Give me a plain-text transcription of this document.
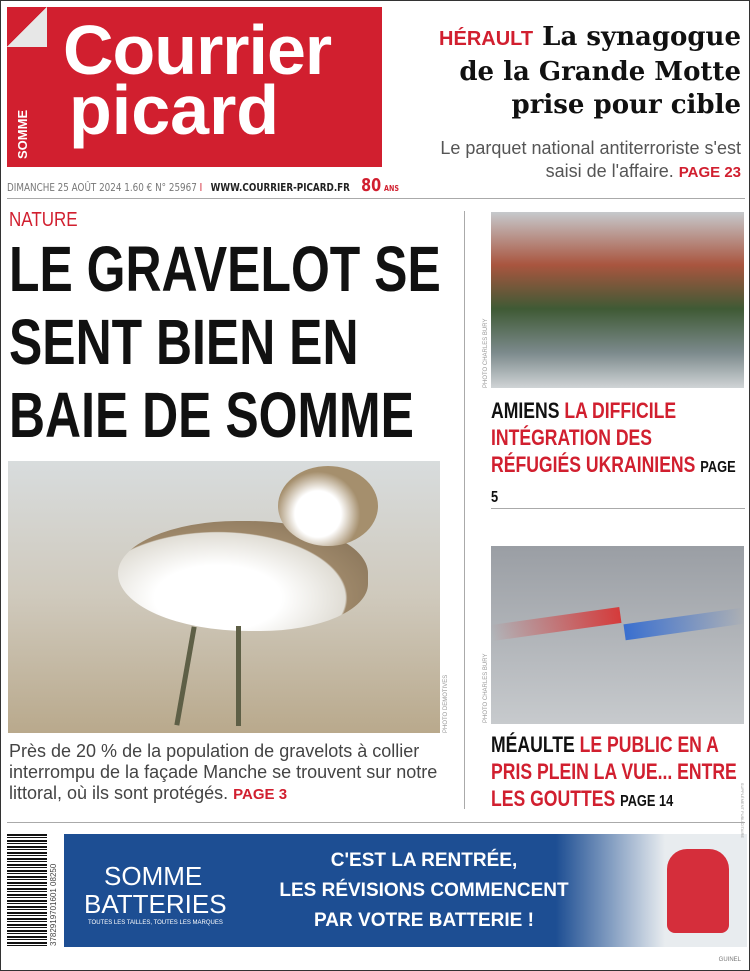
Courrier
picard
SOMME
DIMANCHE 25 AOÛT 2024 1.60 € N° 25967 I WWW.COURRIER-PICARD.FR 80 ANS
HÉRAULT La synagogue de la Grande Motte prise pour cible
Le parquet national antiterroriste s'est saisi de l'affaire. PAGE 23
NATURE
LE GRAVELOT SE SENT BIEN EN BAIE DE SOMME
PHOTO DEMOTIVES
Près de 20 % de la population de gravelots à collier interrompu de la façade Manche se trouvent sur notre littoral, où ils sont protégés. PAGE 3
PHOTO CHARLES BURY
AMIENS LA DIFFICILE INTÉGRATION DES RÉFUGIÉS UKRAINIENS PAGE 5
PHOTO CHARLES BURY
MÉAULTE LE PUBLIC EN A PRIS PLEIN LA VUE... ENTRE LES GOUTTES PAGE 14
3782919701601 08250	SOMME
BATTERIES
TOUTES LES TAILLES, TOUTES LES MARQUES
C'EST LA RENTRÉE,
LES RÉVISIONS COMMENCENT
PAR VOTRE BATTERIE !
SUPPLÉMENT PUBLICITAIRE
GUINEL
